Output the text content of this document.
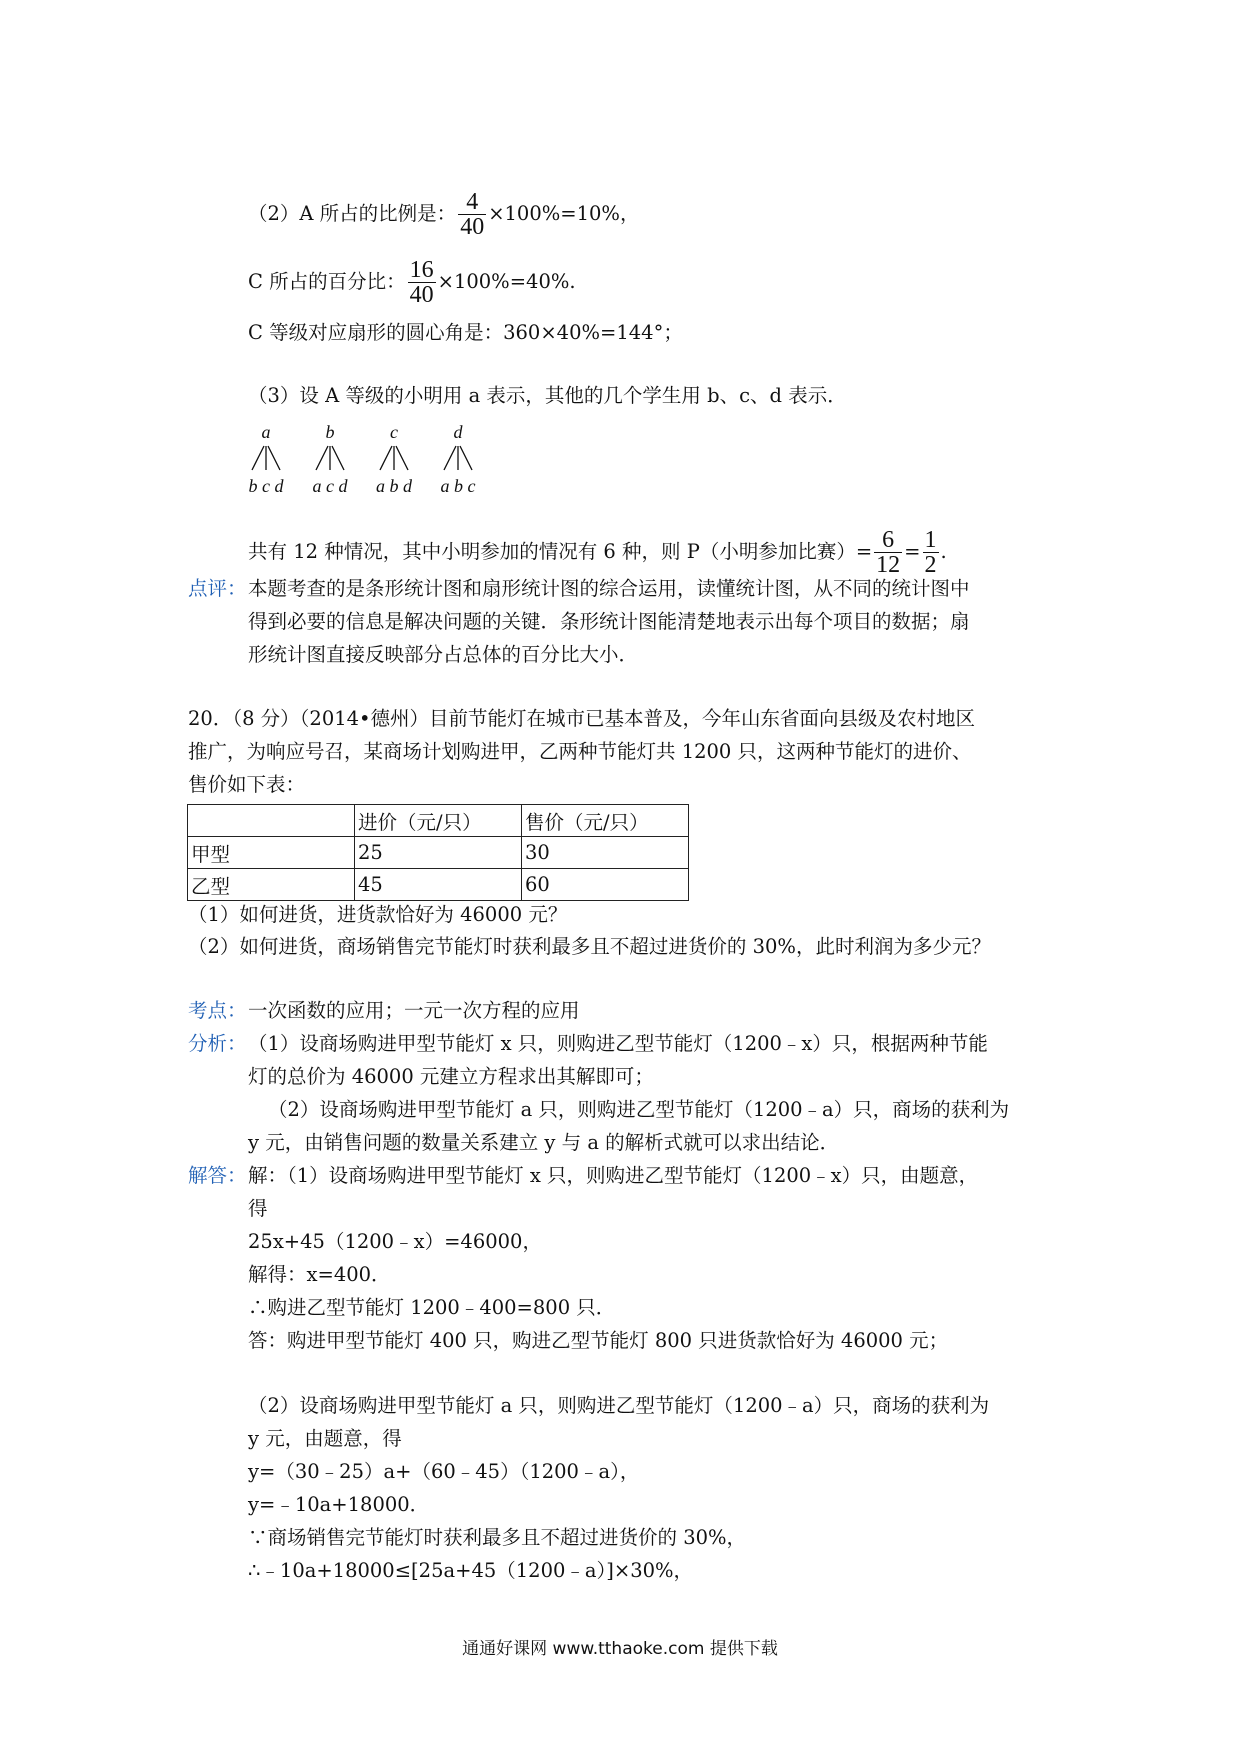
（2）A 所占的比例是： $\frac{4}{40} \times 100\%=10\%$，
C 所占的百分比： $\frac{16}{40} \times 100\%=40\%$.
C 等级对应扇形的圆心角是：360×40%=144°；
（3）设 A 等级的小明用 a 表示，其他的几个学生用 b、c、d 表示．
a
b c d
b
a c d
c
a b d
d
a b c
共有 12 种情况，其中小明参加的情况有 6 种，则 P（小明参加比赛）= $\frac{6}{12} = \frac{1}{2}$ .
点评： 本题考查的是条形统计图和扇形统计图的综合运用，读懂统计图，从不同的统计图中
得到必要的信息是解决问题的关键．条形统计图能清楚地表示出每个项目的数据；扇
形统计图直接反映部分占总体的百分比大小．
20．（8 分）（2014•德州）目前节能灯在城市已基本普及，今年山东省面向县级及农村地区
推广，为响应号召，某商场计划购进甲，乙两种节能灯共 1200 只，这两种节能灯的进价、
售价如下表：
	进价（元/只）	售价（元/只）
甲型	25	30
乙型	45	60
（1）如何进货，进货款恰好为 46000 元？
（2）如何进货，商场销售完节能灯时获利最多且不超过进货价的 30%，此时利润为多少元？
考点： 一次函数的应用；一元一次方程的应用
分析： （1）设商场购进甲型节能灯 x 只，则购进乙型节能灯（1200﹣x）只，根据两种节能
灯的总价为 46000 元建立方程求出其解即可；
（2）设商场购进甲型节能灯 a 只，则购进乙型节能灯（1200﹣a）只，商场的获利为
y 元，由销售问题的数量关系建立 y 与 a 的解析式就可以求出结论．
解答： 解：（1）设商场购进甲型节能灯 x 只，则购进乙型节能灯（1200﹣x）只，由题意，
得
25x+45（1200﹣x）=46000，
解得：x=400．
∴购进乙型节能灯 1200﹣400=800 只．
答：购进甲型节能灯 400 只，购进乙型节能灯 800 只进货款恰好为 46000 元；
（2）设商场购进甲型节能灯 a 只，则购进乙型节能灯（1200﹣a）只，商场的获利为
y 元，由题意，得
y=（30﹣25）a+（60﹣45）（1200﹣a），
y=﹣10a+18000．
∵商场销售完节能灯时获利最多且不超过进货价的 30%，
∴﹣10a+18000≤[25a+45（1200﹣a）]×30%，
通通好课网 www.tthaoke.com 提供下载
